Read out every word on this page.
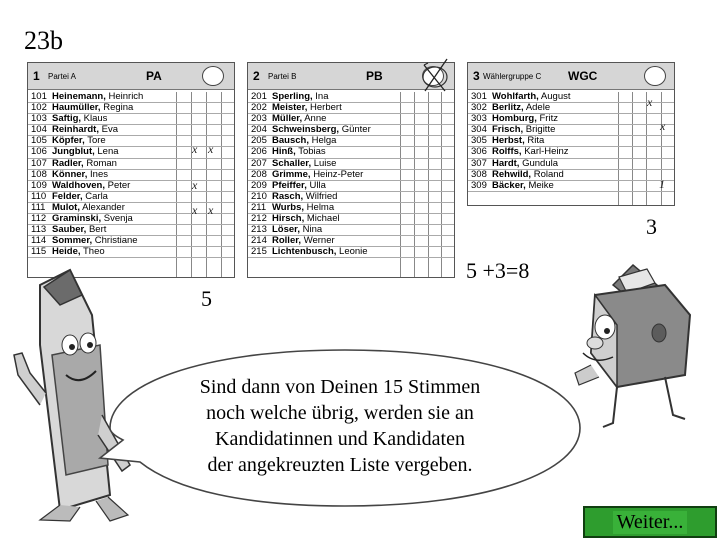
23b
1 Partei A	PA
101 Heinemann, Heinrich
102 Haumüller, Regina
103 Saftig, Klaus
104 Reinhardt, Eva
105 Köpfer, Tore
106 Jungblut, Lena
107 Radler, Roman
108 Könner, Ines
109 Waldhoven, Peter
110 Felder, Carla
111 Mulot, Alexander
112 Graminski, Svenja
113 Sauber, Bert
114 Sommer, Christiane
115 Heide, Theo
2 Partei B	PB
201 Sperling, Ina
202 Meister, Herbert
203 Müller, Anne
204 Schweinsberg, Günter
205 Bausch, Helga
206 Hinß, Tobias
207 Schaller, Luise
208 Grimme, Heinz-Peter
209 Pfeiffer, Ulla
210 Rasch, Wilfried
211 Wurbs, Helma
212 Hirsch, Michael
213 Löser, Nina
214 Roller, Werner
215 Lichtenbusch, Leonie
3 Wählergruppe C WGC
301 Wohlfarth, August
302 Berlitz, Adele
303 Homburg, Fritz
304 Frisch, Brigitte
305 Herbst, Rita
306 Rolffs, Karl-Heinz
307 Hardt, Gundula
308 Rehwild, Roland
309 Bäcker, Meike
x x
x
x x
x
x
1
5
3
5 +3=8
Sind dann von Deinen 15 Stimmen
noch welche übrig, werden sie an
Kandidatinnen und Kandidaten
der angekreuzten Liste vergeben.
Weiter...
